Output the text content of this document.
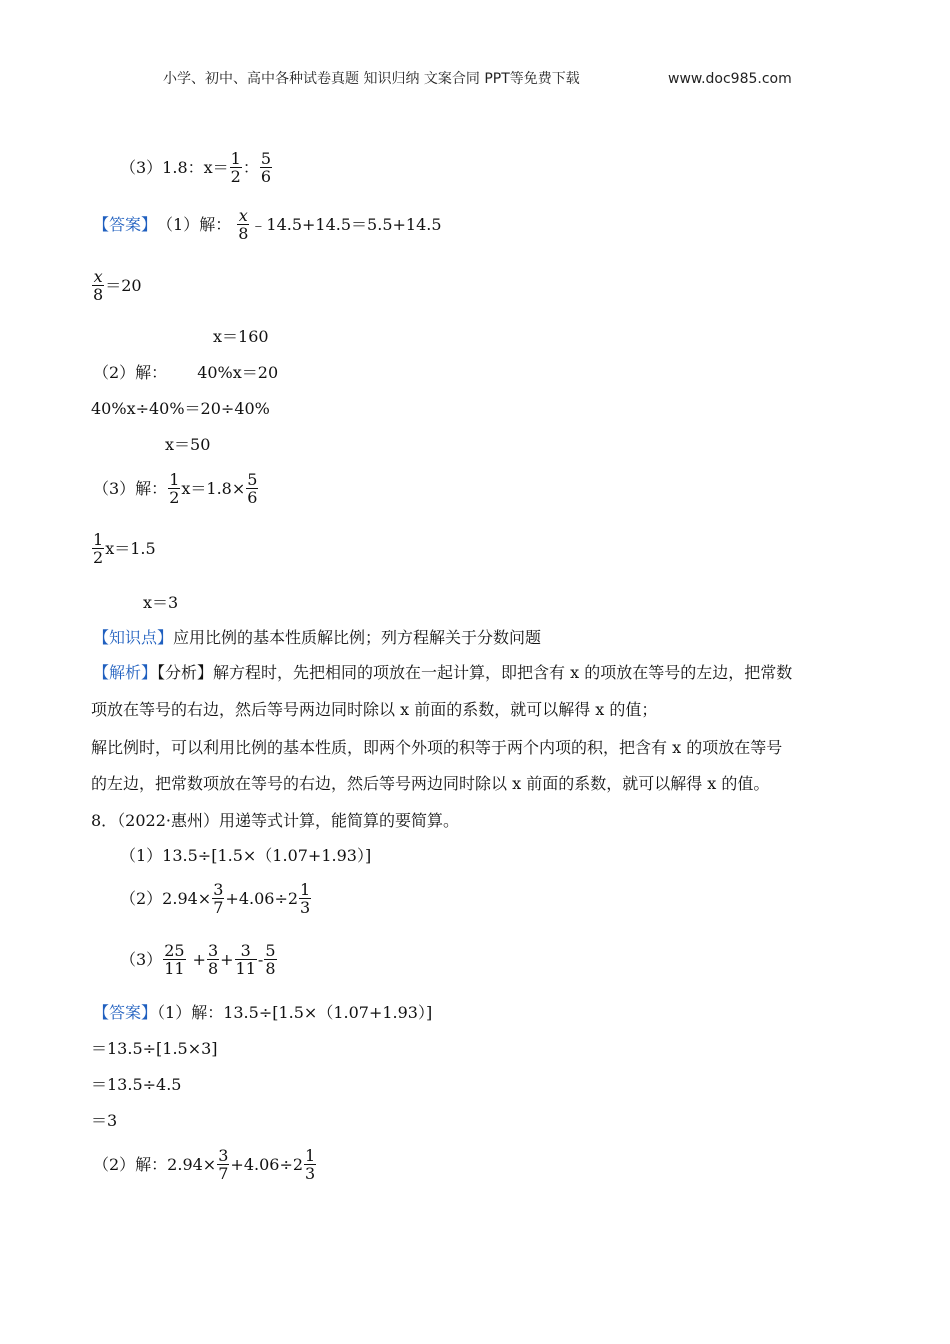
小学、初中、高中各种试卷真题 知识归纳 文案合同 PPT等免费下载	www.doc985.com
（3）1.8：$x= \frac{1}{2}$ ： $\frac{5}{6}$
【答案】 （1）解： $\frac{x}{8}$ ﹣14.5+14.5＝5.5+14.5
$\frac{x}{8} =20$
x＝160
（2）解： 40%x＝20
40%x÷40%＝20÷40%
x＝50
（3）解： $\frac{1}{2} x=1.8\times \frac{5}{6}$
$\frac{1}{2} x=1.5$
x＝3
【知识点】应用比例的基本性质解比例；列方程解关于分数问题
【解析】【分析】解方程时，先把相同的项放在一起计算，即把含有 x 的项放在等号的左边，把常数
项放在等号的右边，然后等号两边同时除以 x 前面的系数，就可以解得 x 的值；
解比例时，可以利用比例的基本性质，即两个外项的积等于两个内项的积，把含有 x 的项放在等号
的左边，把常数项放在等号的右边，然后等号两边同时除以 x 前面的系数，就可以解得 x 的值。
8．（2022·惠州）用递等式计算，能简算的要简算。
（1）13.5÷[1.5×（1.07+1.93）]
$(2)2.94\times \frac{3}{7} +4.06\div 2 \frac{1}{3}$
$(3) \frac{25}{11} + \frac{3}{8} + \frac{3}{11} - \frac{5}{8}$
【答案】（1）解：13.5÷[1.5×（1.07+1.93）]
＝13.5÷[1.5×3]
＝13.5÷4.5
＝3
（2）解：$2.94\times \frac{3}{7} +4.06\div 2 \frac{1}{3}$
